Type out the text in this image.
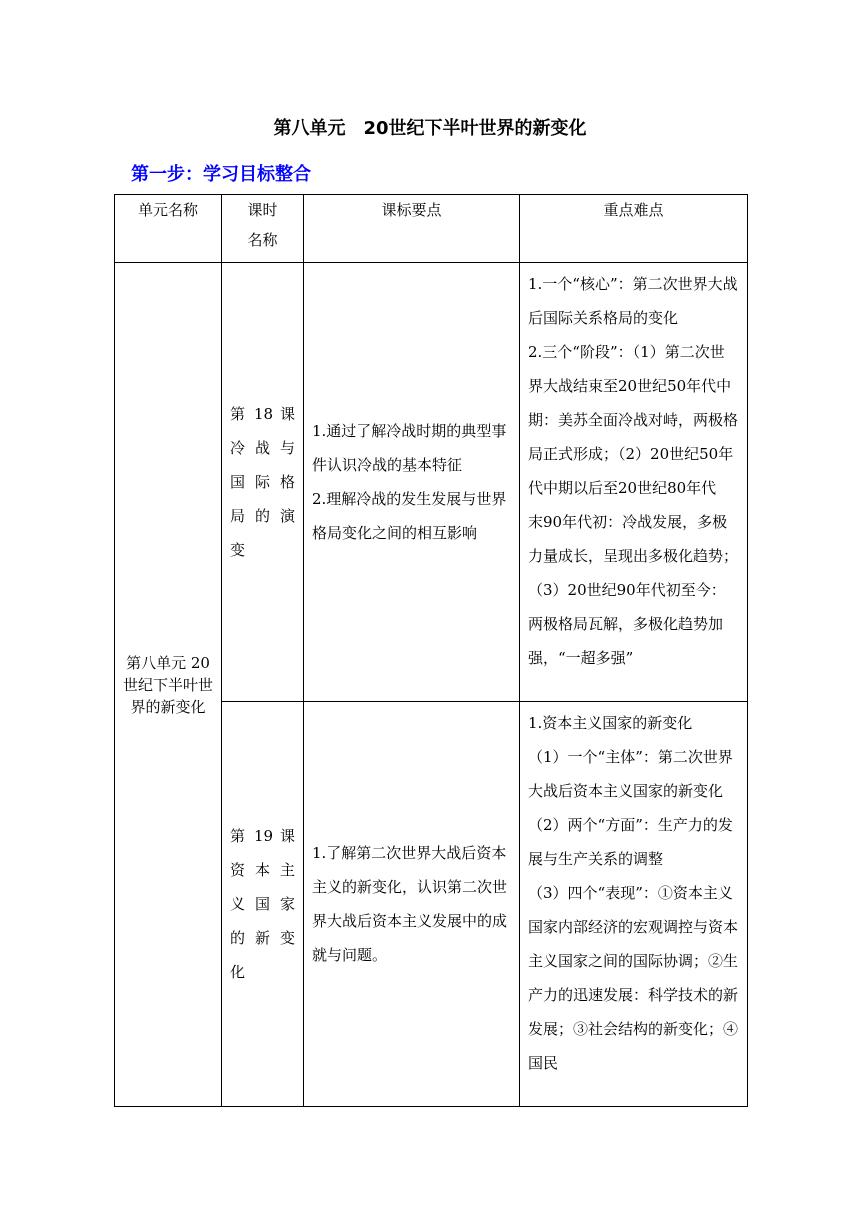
第八单元　20世纪下半叶世界的新变化
第一步：学习目标整合
单元名称	课时名称	课标要点	重点难点
第八单元 20世纪下半叶世界的新变化	第 18 课
冷 战 与
国 际 格
局 的 演
变	1.通过了解冷战时期的典型事件认识冷战的基本特征
2.理解冷战的发生发展与世界格局变化之间的相互影响	1.一个“核心”：第二次世界大战后国际关系格局的变化
2.三个“阶段”：（1）第二次世界大战结束至20世纪50年代中期：美苏全面冷战对峙，两极格局正式形成；（2）20世纪50年代中期以后至20世纪80年代
末90年代初：冷战发展，多极力量成长，呈现出多极化趋势；（3）20世纪90年代初至今：两极格局瓦解，多极化趋势加强，“一超多强”

	第 19 课
资 本 主
义 国 家
的 新 变
化	1.了解第二次世界大战后资本主义的新变化，认识第二次世界大战后资本主义发展中的成就与问题。	1.资本主义国家的新变化
（1）一个“主体”：第二次世界大战后资本主义国家的新变化
（2）两个“方面”：生产力的发展与生产关系的调整
（3）四个“表现”：①资本主义国家内部经济的宏观调控与资本主义国家之间的国际协调；②生产力的迅速发展：科学技术的新发展；③社会结构的新变化；④国民
